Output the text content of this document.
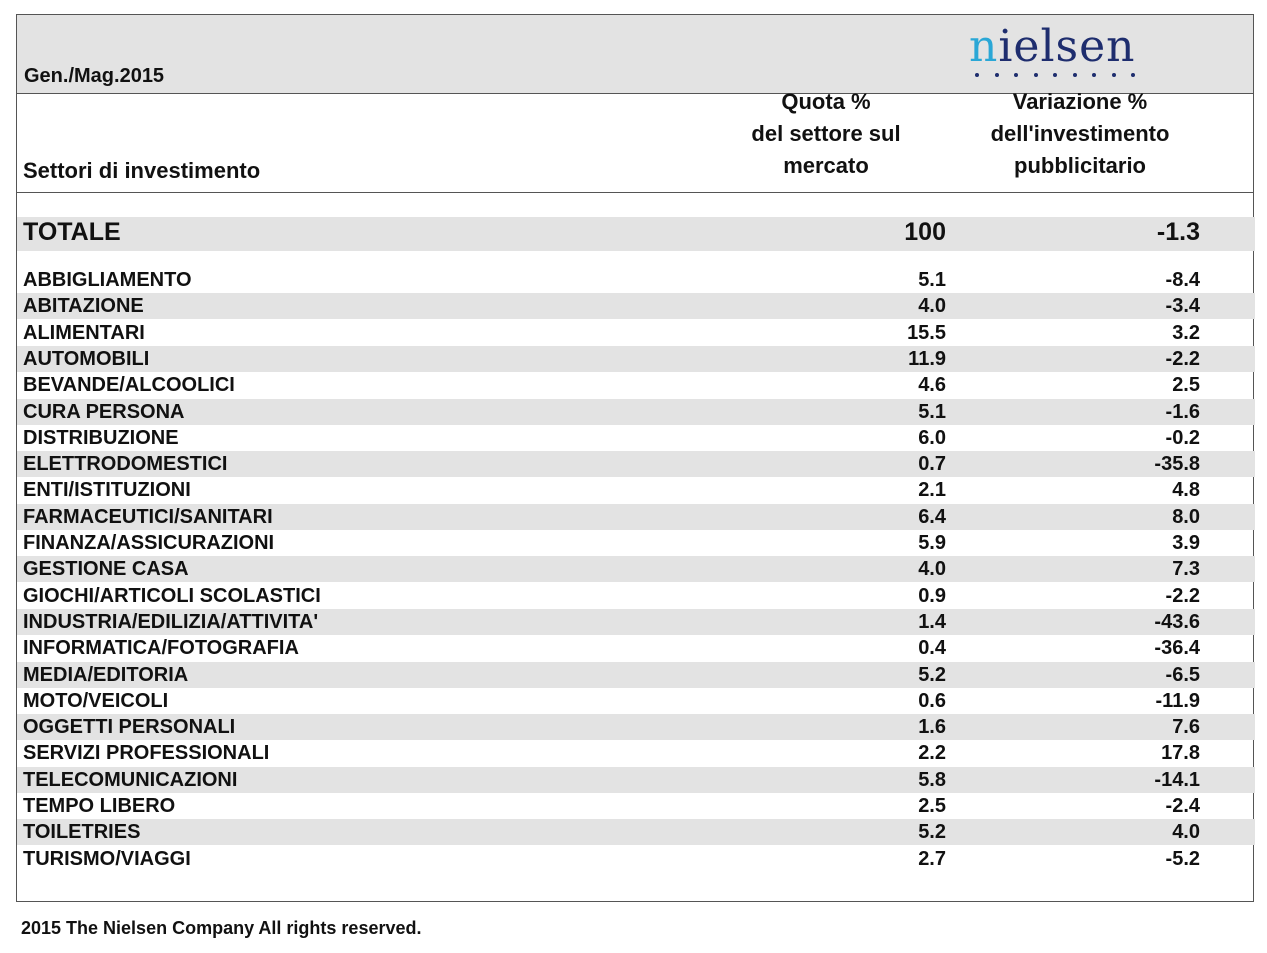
Gen./Mag.2015
nielsen
Settori di investimento
Quota %
del settore sul
mercato
Variazione %
dell'investimento
pubblicitario
TOTALE	100	-1.3
ABBIGLIAMENTO	5.1	-8.4
ABITAZIONE	4.0	-3.4
ALIMENTARI	15.5	3.2
AUTOMOBILI	11.9	-2.2
BEVANDE/ALCOOLICI	4.6	2.5
CURA PERSONA	5.1	-1.6
DISTRIBUZIONE	6.0	-0.2
ELETTRODOMESTICI	0.7	-35.8
ENTI/ISTITUZIONI	2.1	4.8
FARMACEUTICI/SANITARI	6.4	8.0
FINANZA/ASSICURAZIONI	5.9	3.9
GESTIONE CASA	4.0	7.3
GIOCHI/ARTICOLI SCOLASTICI	0.9	-2.2
INDUSTRIA/EDILIZIA/ATTIVITA'	1.4	-43.6
INFORMATICA/FOTOGRAFIA	0.4	-36.4
MEDIA/EDITORIA	5.2	-6.5
MOTO/VEICOLI	0.6	-11.9
OGGETTI PERSONALI	1.6	7.6
SERVIZI PROFESSIONALI	2.2	17.8
TELECOMUNICAZIONI	5.8	-14.1
TEMPO LIBERO	2.5	-2.4
TOILETRIES	5.2	4.0
TURISMO/VIAGGI	2.7	-5.2
2015 The Nielsen Company All rights reserved.
